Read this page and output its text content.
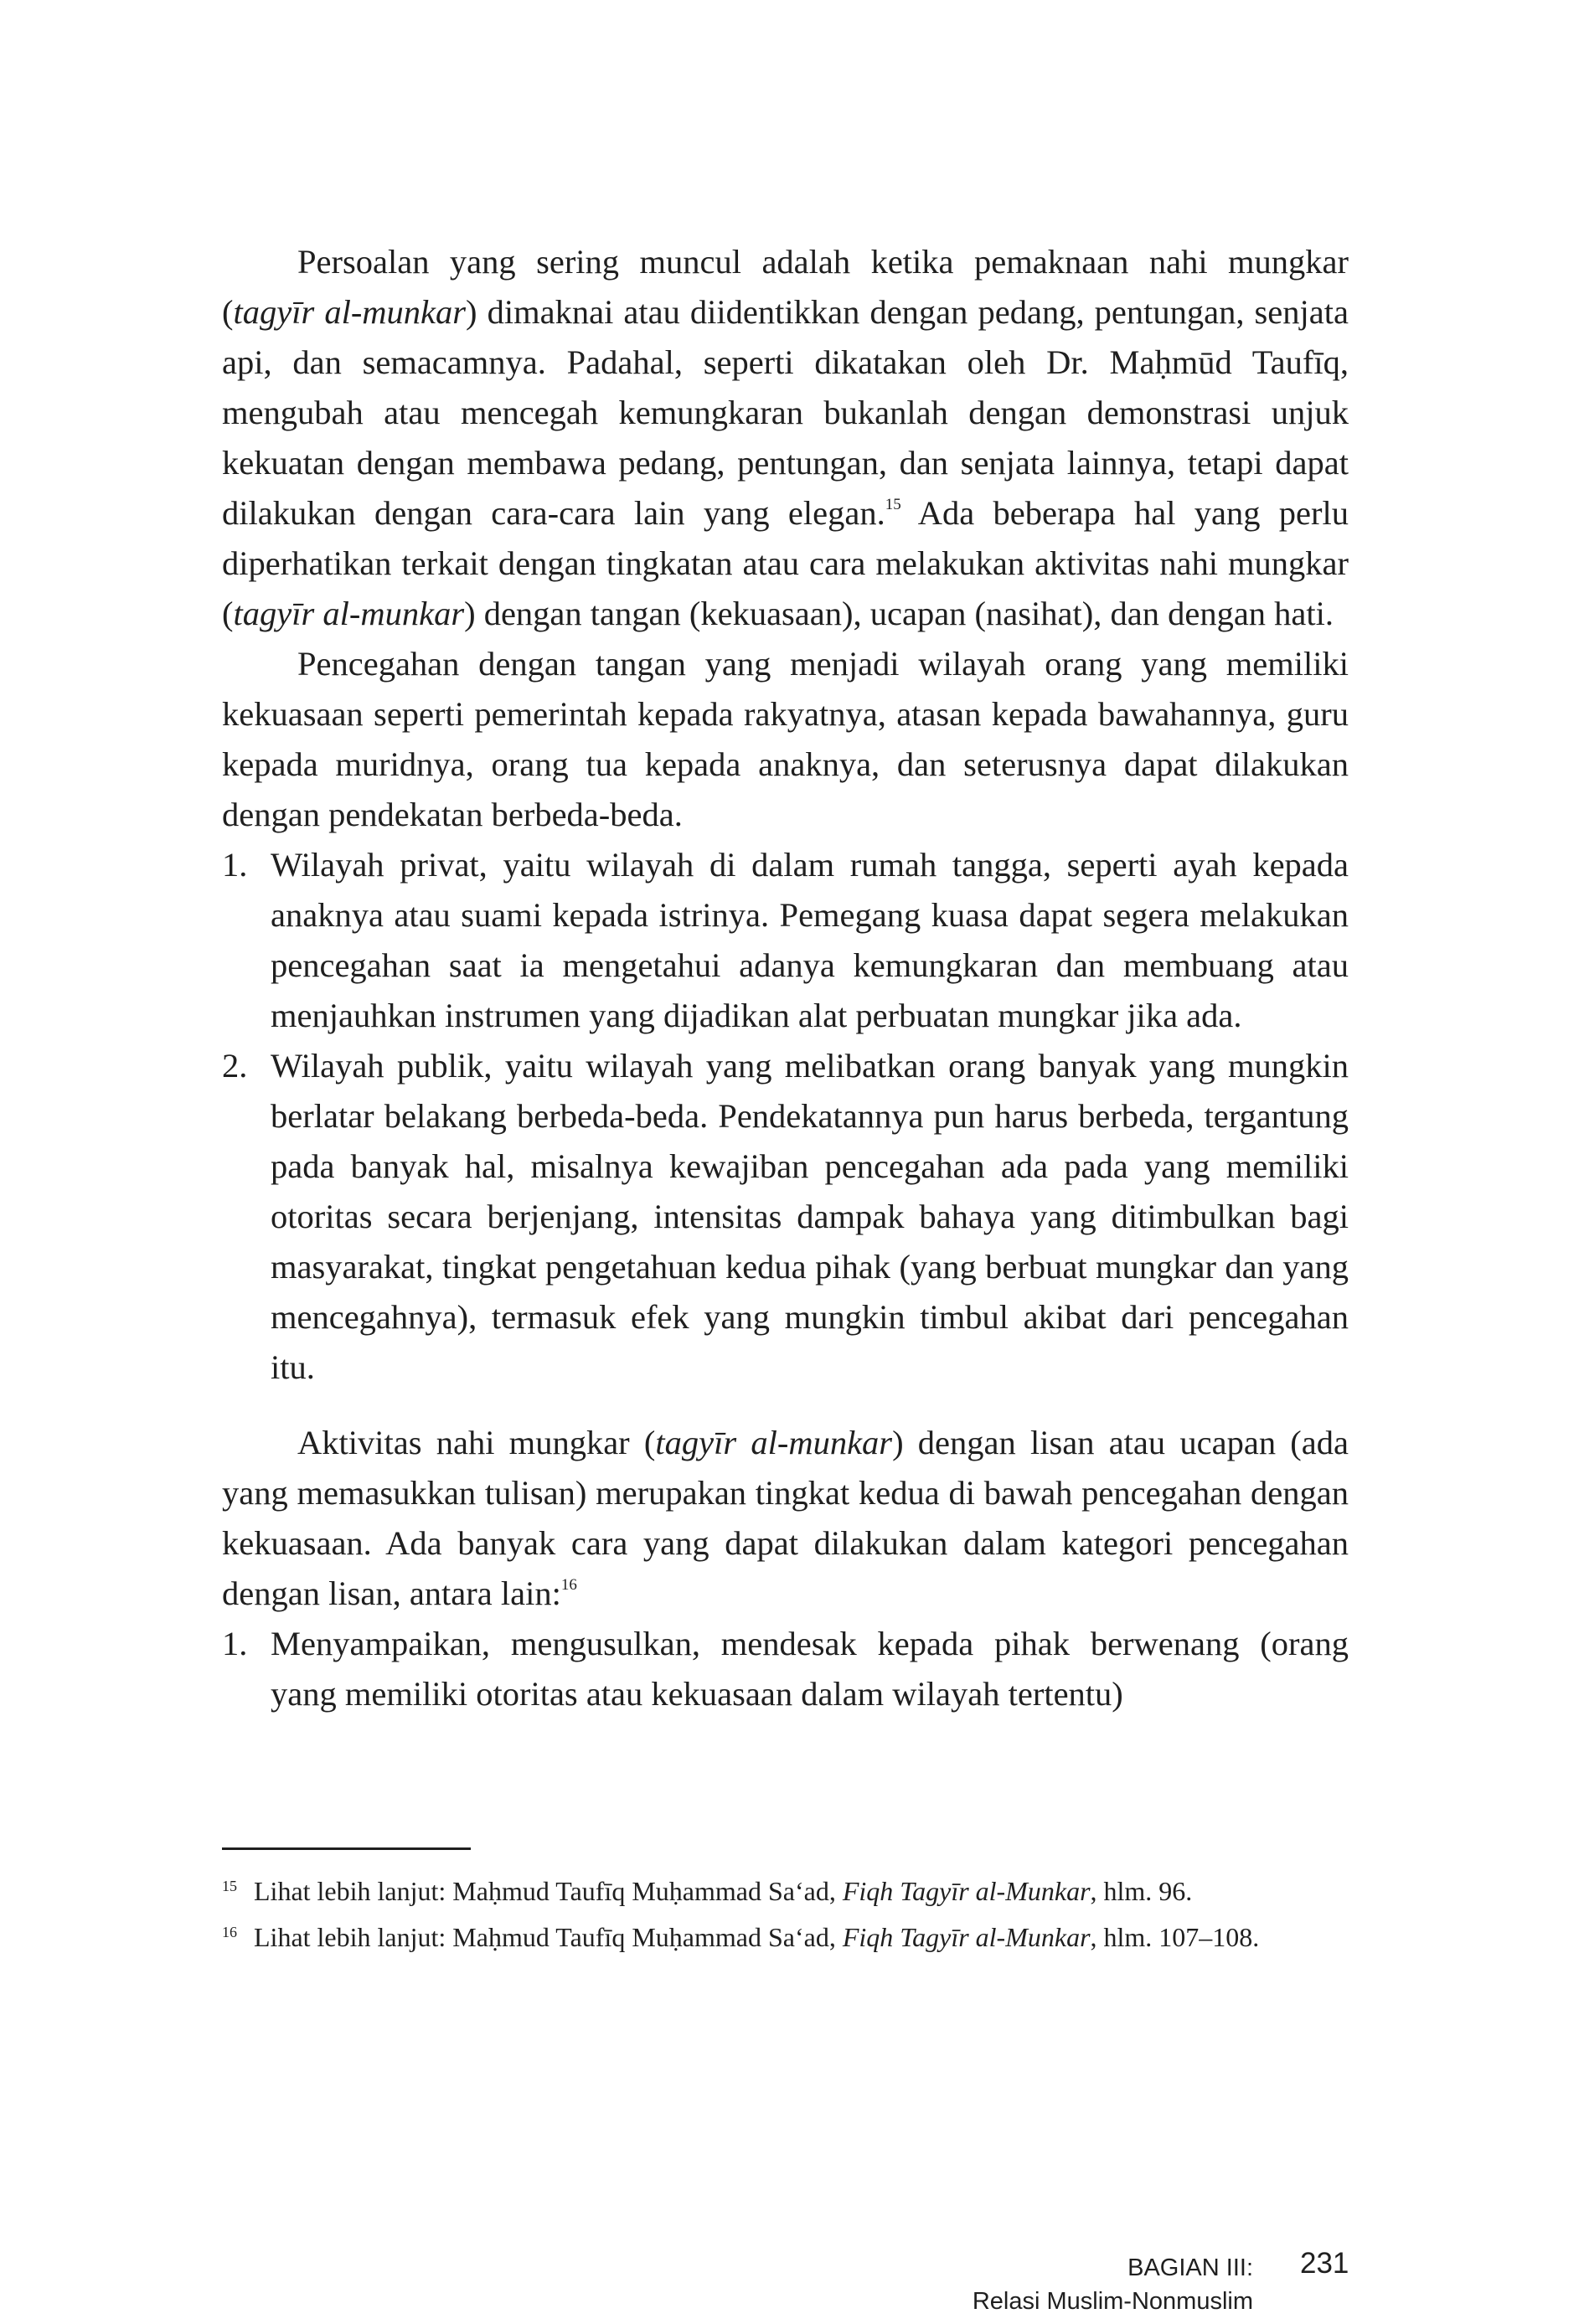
Persoalan yang sering muncul adalah ketika pemaknaan nahi mungkar (tagyīr al-munkar) dimaknai atau diidentikkan dengan pedang, pentungan, senjata api, dan semacamnya. Padahal, seperti dikatakan oleh Dr. Maḥmūd Taufīq, mengubah atau mencegah kemungkaran bukanlah dengan demonstrasi unjuk kekuatan dengan membawa pedang, pentungan, dan senjata lainnya, tetapi dapat dilakukan dengan cara-cara lain yang elegan.$^{15}$ Ada beberapa hal yang perlu diperhatikan terkait dengan tingkatan atau cara melakukan aktivitas nahi mungkar (tagyīr al-munkar) dengan tangan (kekuasaan), ucapan (nasihat), dan dengan hati.

Pencegahan dengan tangan yang menjadi wilayah orang yang memiliki kekuasaan seperti pemerintah kepada rakyatnya, atasan kepada bawahannya, guru kepada muridnya, orang tua kepada anaknya, dan seterusnya dapat dilakukan dengan pendekatan berbeda-beda.

1. Wilayah privat, yaitu wilayah di dalam rumah tangga, seperti ayah kepada anaknya atau suami kepada istrinya. Pemegang kuasa dapat segera melakukan pencegahan saat ia mengetahui adanya kemungkaran dan membuang atau menjauhkan instrumen yang dijadikan alat perbuatan mungkar jika ada.
2. Wilayah publik, yaitu wilayah yang melibatkan orang banyak yang mungkin berlatar belakang berbeda-beda. Pendekatannya pun harus berbeda, tergantung pada banyak hal, misalnya kewajiban pencegahan ada pada yang memiliki otoritas secara berjenjang, intensitas dampak bahaya yang ditimbulkan bagi masyarakat, tingkat pengetahuan kedua pihak (yang berbuat mungkar dan yang mencegahnya), termasuk efek yang mungkin timbul akibat dari pencegahan itu.

Aktivitas nahi mungkar (tagyīr al-munkar) dengan lisan atau ucapan (ada yang memasukkan tulisan) merupakan tingkat kedua di bawah pencegahan dengan kekuasaan. Ada banyak cara yang dapat dilakukan dalam kategori pencegahan dengan lisan, antara lain:$^{16}$

1. Menyampaikan, mengusulkan, mendesak kepada pihak berwenang (orang yang memiliki otoritas atau kekuasaan dalam wilayah tertentu)

15 Lihat lebih lanjut: Maḥmud Taufīq Muḥammad Sa‘ad, Fiqh Tagyīr al-Munkar, hlm. 96.

16 Lihat lebih lanjut: Maḥmud Taufīq Muḥammad Sa‘ad, Fiqh Tagyīr al-Munkar, hlm. 107–108.

BAGIAN III:
Relasi Muslim-Nonmuslim
231
